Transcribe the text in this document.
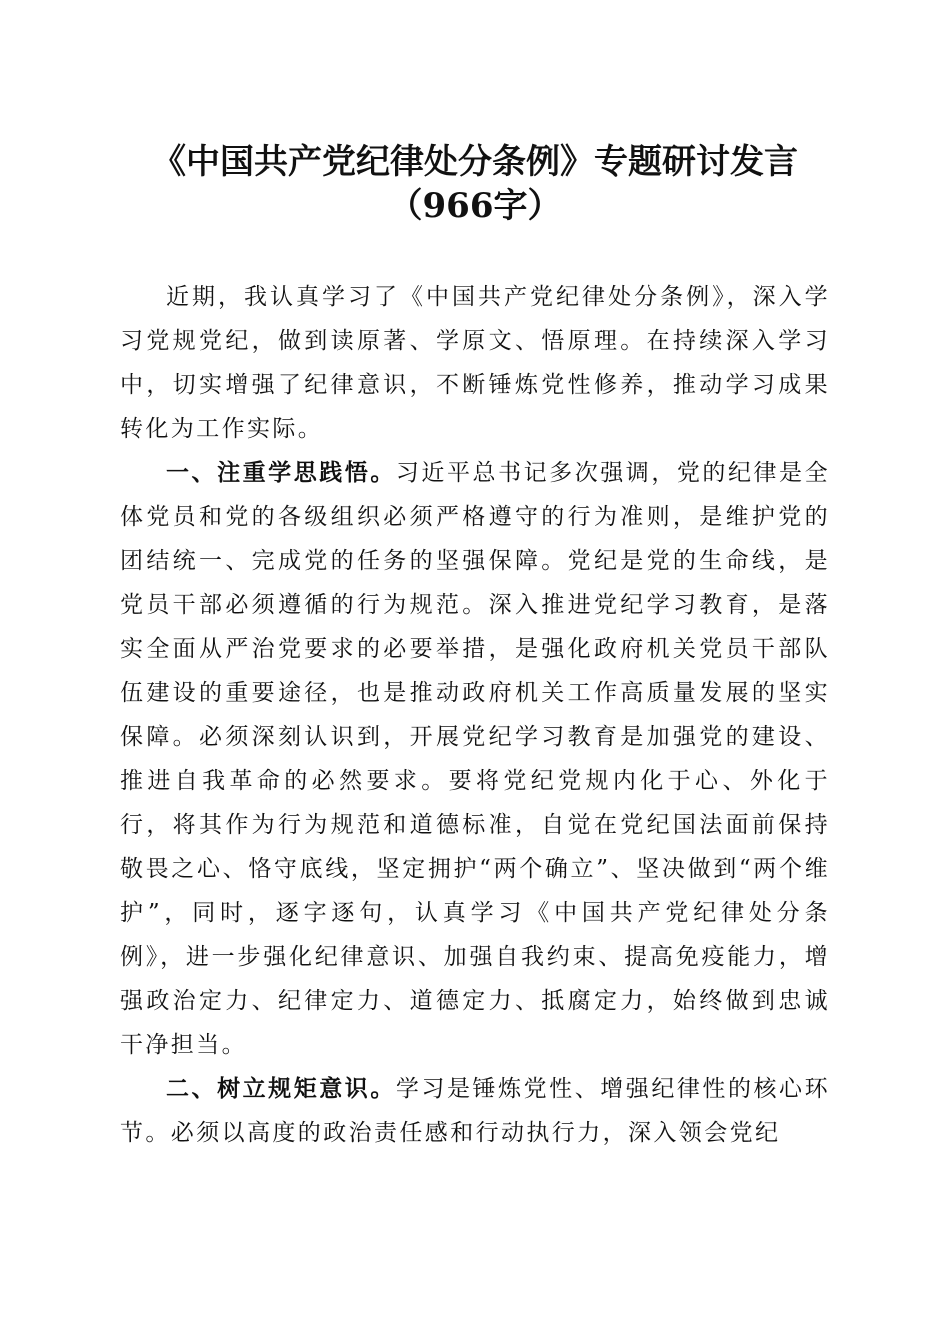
《中国共产党纪律处分条例》专题研讨发言
（966字）

近期，我认真学习了《中国共产党纪律处分条例》，深入学习党规党纪，做到读原著、学原文、悟原理。在持续深入学习中，切实增强了纪律意识，不断锤炼党性修养，推动学习成果转化为工作实际。

一、注重学思践悟。习近平总书记多次强调，党的纪律是全体党员和党的各级组织必须严格遵守的行为准则，是维护党的团结统一、完成党的任务的坚强保障。党纪是党的生命线，是党员干部必须遵循的行为规范。深入推进党纪学习教育，是落实全面从严治党要求的必要举措，是强化政府机关党员干部队伍建设的重要途径，也是推动政府机关工作高质量发展的坚实保障。必须深刻认识到，开展党纪学习教育是加强党的建设、推进自我革命的必然要求。要将党纪党规内化于心、外化于行，将其作为行为规范和道德标准，自觉在党纪国法面前保持敬畏之心、恪守底线，坚定拥护“两个确立”、坚决做到“两个维护”，同时，逐字逐句，认真学习《中国共产党纪律处分条例》，进一步强化纪律意识、加强自我约束、提高免疫能力，增强政治定力、纪律定力、道德定力、抵腐定力，始终做到忠诚干净担当。

二、树立规矩意识。学习是锤炼党性、增强纪律性的核心环节。必须以高度的政治责任感和行动执行力，深入领会党纪
